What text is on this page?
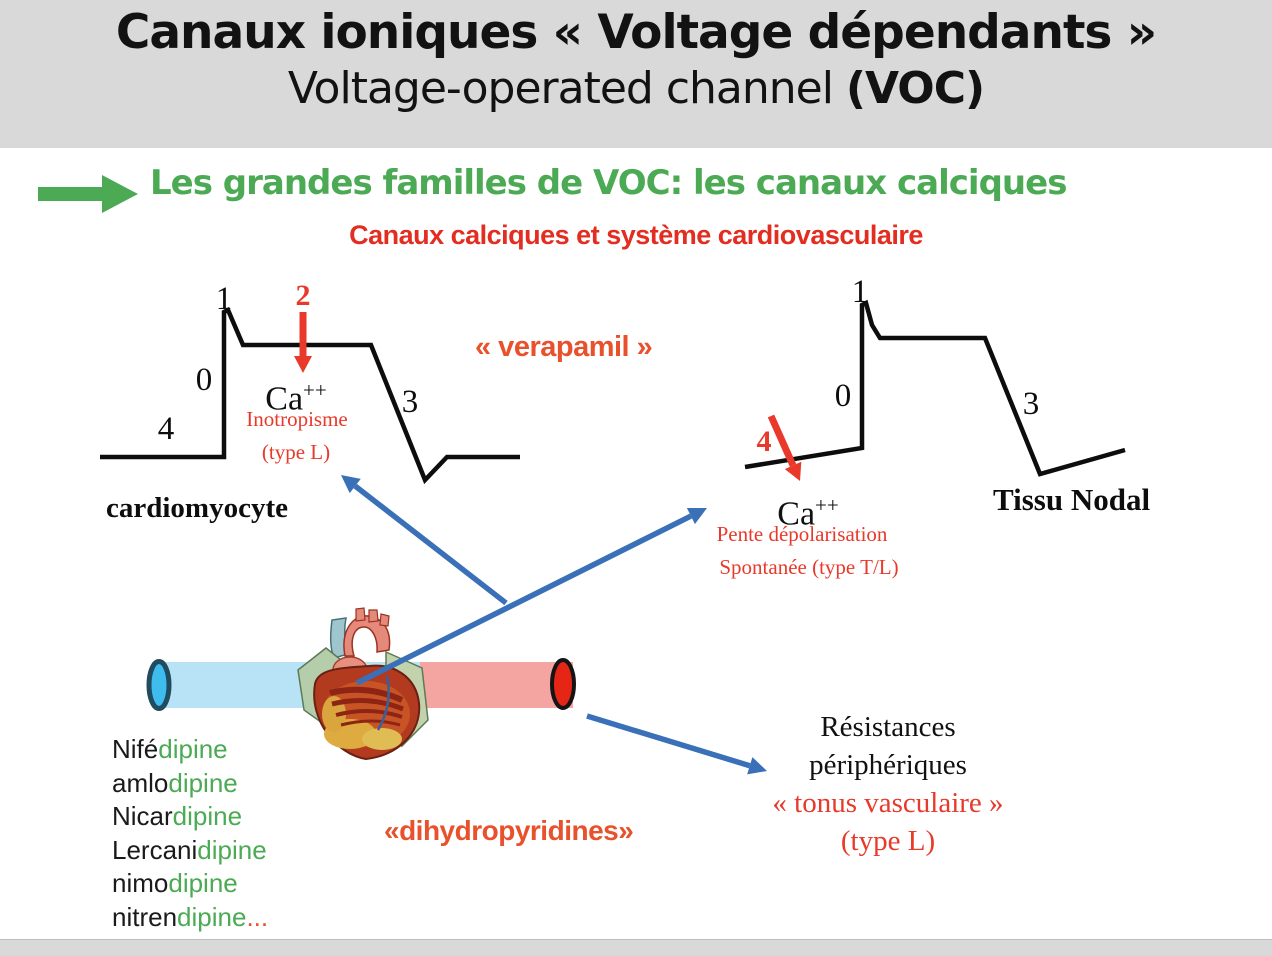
Canaux ioniques « Voltage dépendants »
Voltage-operated channel (VOC)
Les grandes familles de VOC: les canaux calciques
Canaux calciques et système cardiovasculaire
1 2
0
4
3
Ca++
Inotropisme
(type L)
cardiomyocyte
« verapamil »
1
0	3
4
Ca++
Pente dépolarisation
Spontanée (type T/L)
Tissu Nodal
Nifédipine
amlodipine
Nicardipine
Lercanidipine
nimodipine
nitrendipine...
«dihydropyridines»
Résistances
périphériques
« tonus vasculaire »
(type L)
